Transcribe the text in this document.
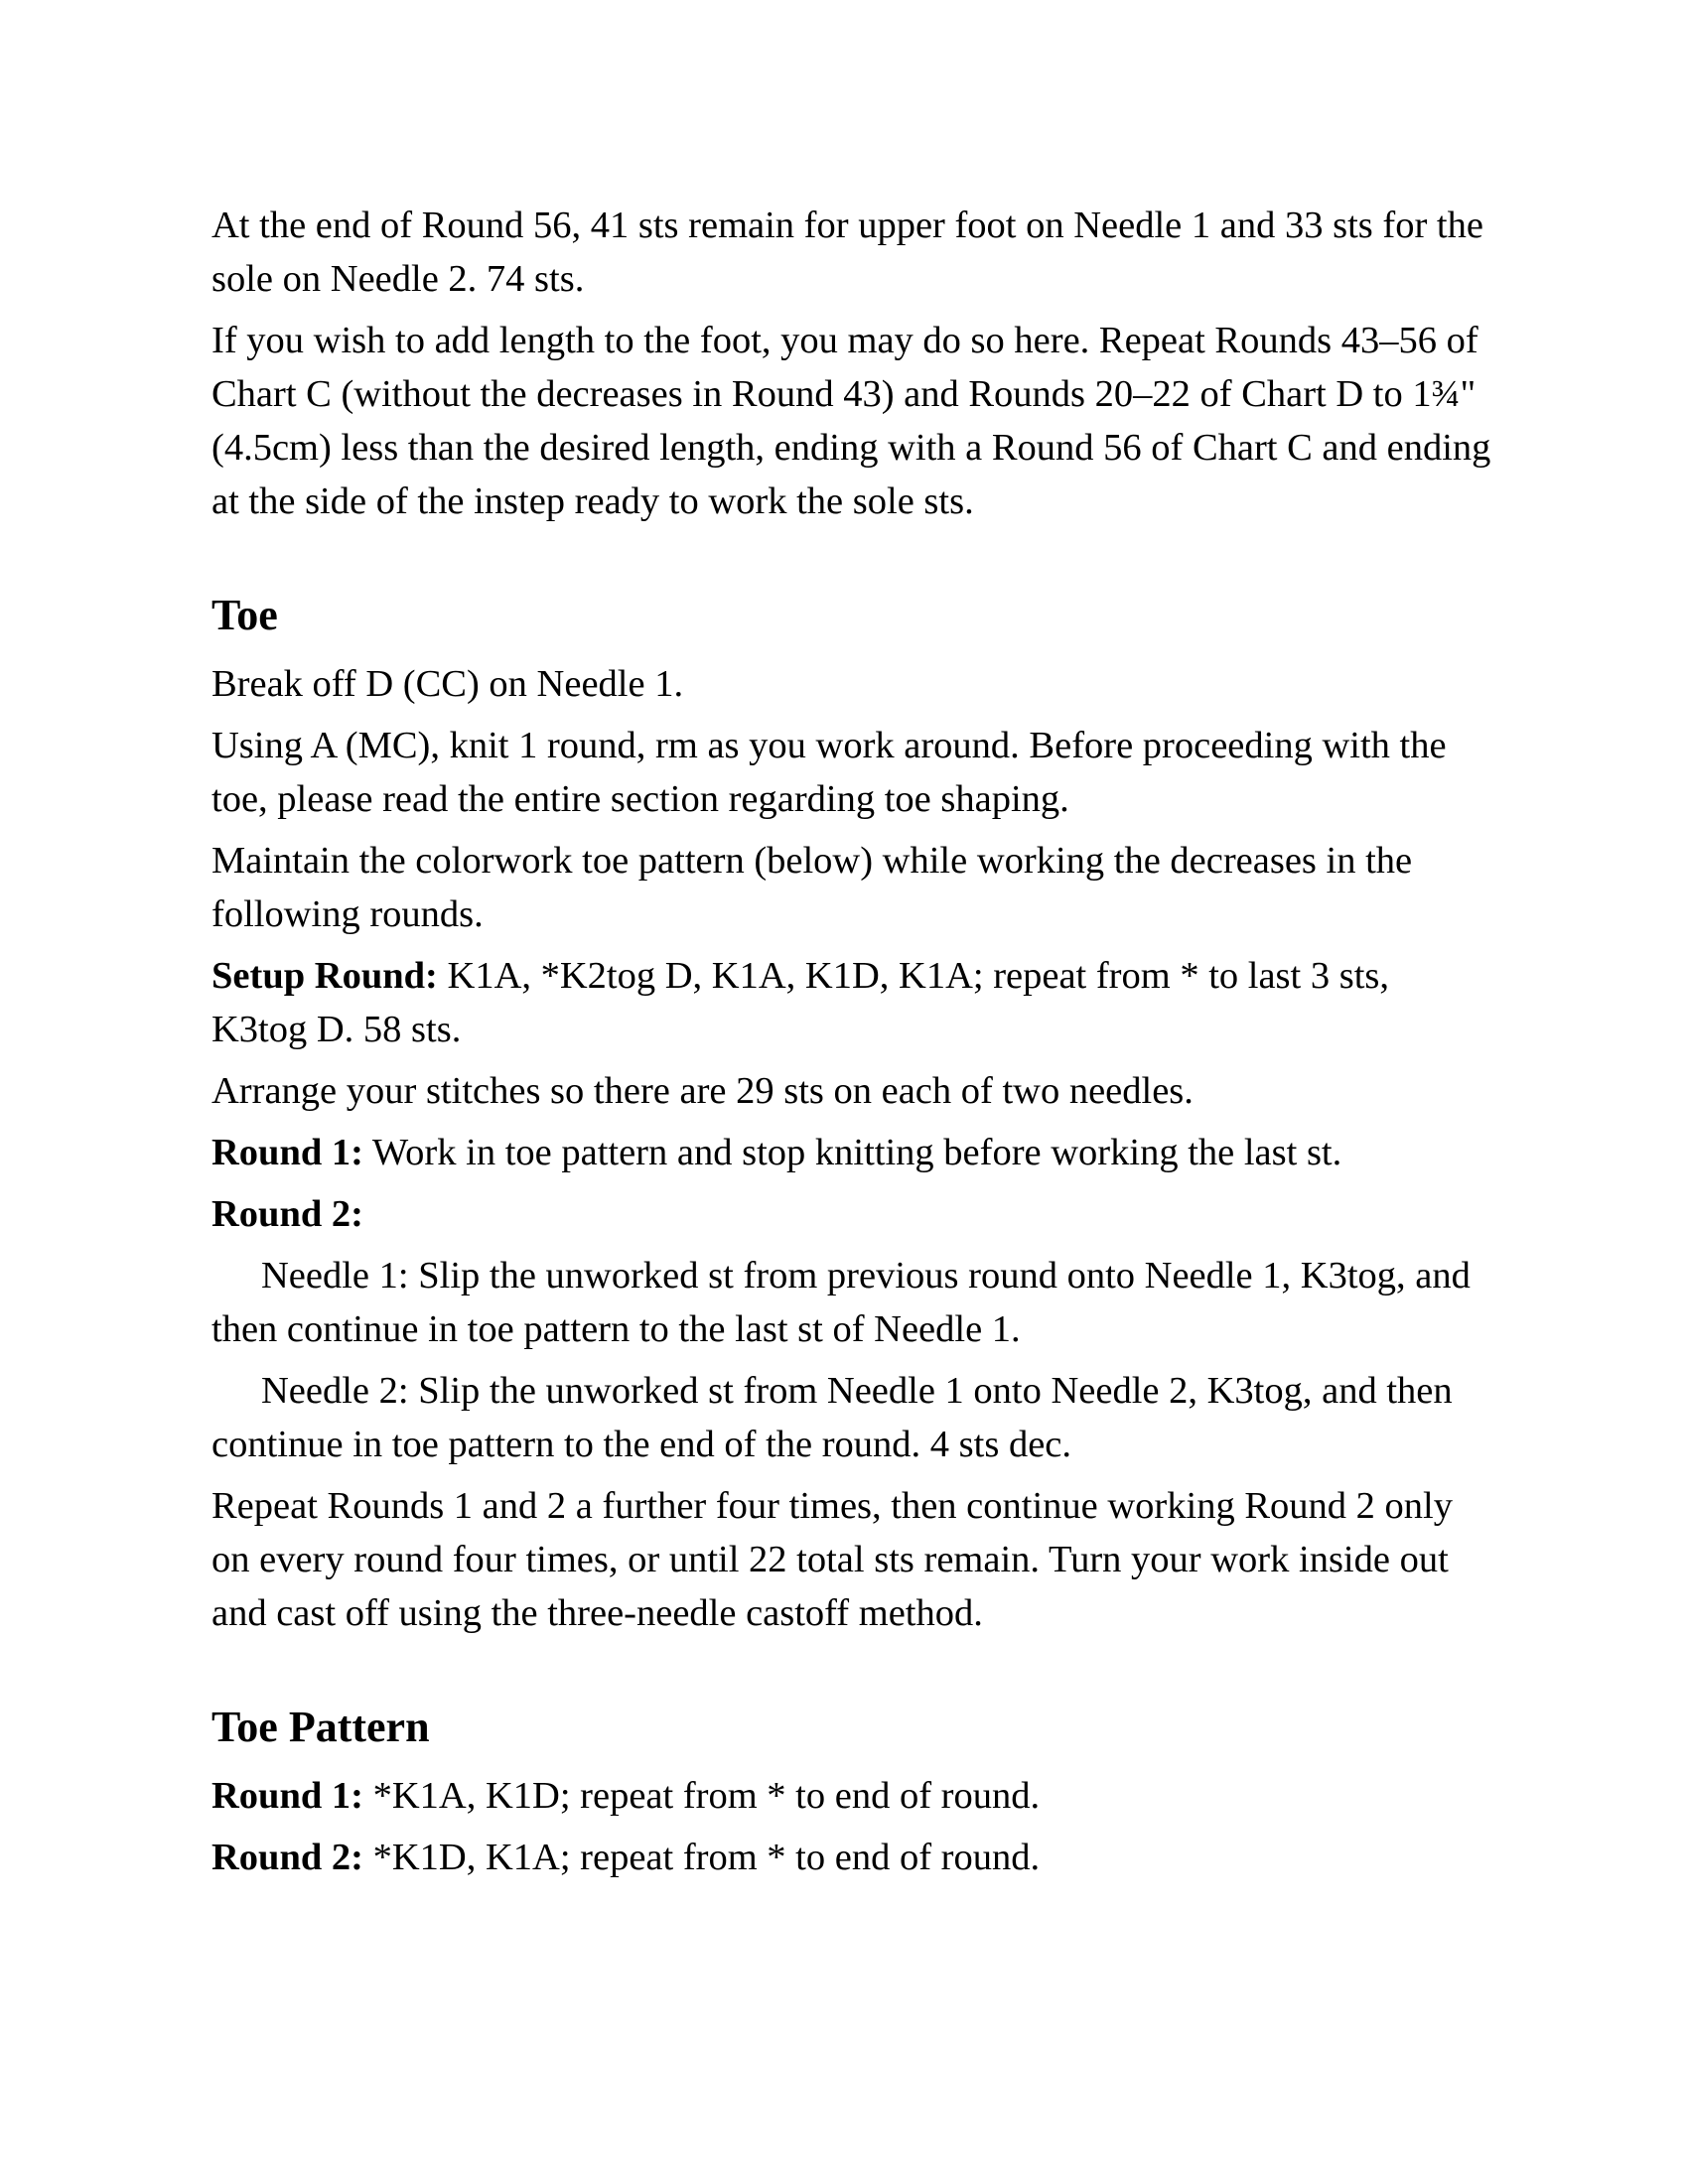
At the end of Round 56, 41 sts remain for upper foot on Needle 1 and 33 sts for the sole on Needle 2. 74 sts.

If you wish to add length to the foot, you may do so here. Repeat Rounds 43–56 of Chart C (without the decreases in Round 43) and Rounds 20–22 of Chart D to 1¾" (4.5cm) less than the desired length, ending with a Round 56 of Chart C and ending at the side of the instep ready to work the sole sts.

Toe

Break off D (CC) on Needle 1.

Using A (MC), knit 1 round, rm as you work around. Before proceeding with the toe, please read the entire section regarding toe shaping.

Maintain the colorwork toe pattern (below) while working the decreases in the following rounds.

Setup Round: K1A, *K2tog D, K1A, K1D, K1A; repeat from * to last 3 sts, K3tog D. 58 sts.

Arrange your stitches so there are 29 sts on each of two needles.

Round 1: Work in toe pattern and stop knitting before working the last st.

Round 2:

Needle 1: Slip the unworked st from previous round onto Needle 1, K3tog, and then continue in toe pattern to the last st of Needle 1.

Needle 2: Slip the unworked st from Needle 1 onto Needle 2, K3tog, and then continue in toe pattern to the end of the round. 4 sts dec.

Repeat Rounds 1 and 2 a further four times, then continue working Round 2 only on every round four times, or until 22 total sts remain. Turn your work inside out and cast off using the three-needle castoff method.

Toe Pattern

Round 1: *K1A, K1D; repeat from * to end of round.

Round 2: *K1D, K1A; repeat from * to end of round.
